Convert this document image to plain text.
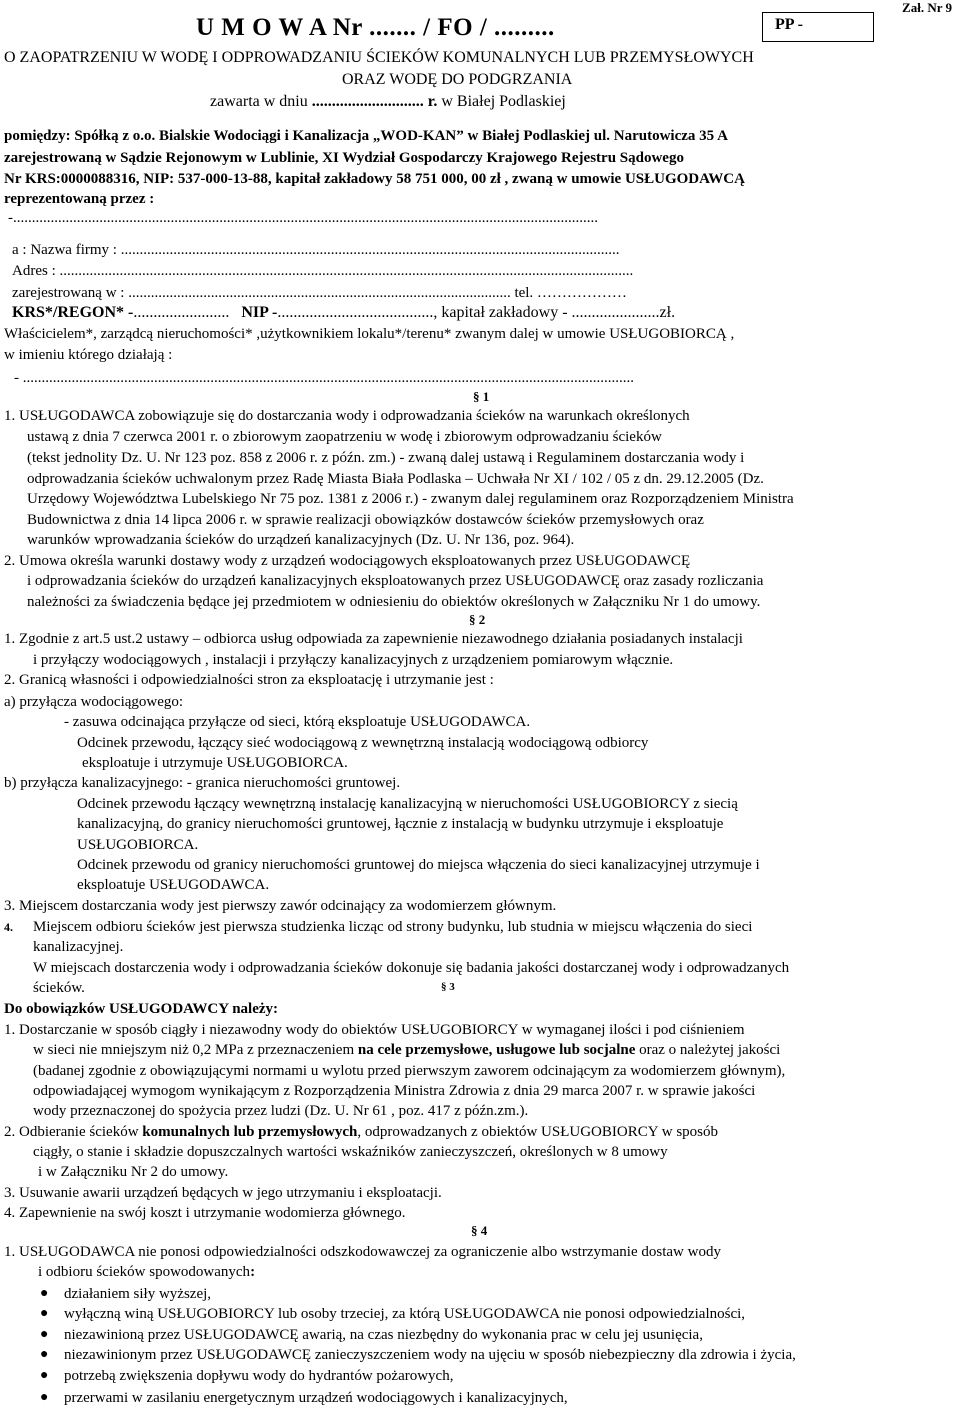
Zał. Nr 9
PP -
U M O W A Nr ....... / FO / .........
O ZAOPATRZENIU W WODĘ I ODPROWADZANIU ŚCIEKÓW KOMUNALNYCH LUB PRZEMYSŁOWYCH
ORAZ WODĘ DO PODGRZANIA
zawarta w dniu ............................ r. w Białej Podlaskiej
pomiędzy: Spółką z o.o. Bialskie Wodociągi i Kanalizacja „WOD-KAN” w Białej Podlaskiej ul. Narutowicza 35 A
zarejestrowaną w Sądzie Rejonowym w Lublinie, XI Wydział Gospodarczy Krajowego Rejestru Sądowego
Nr KRS:0000088316, NIP: 537-000-13-88, kapitał zakładowy 58 751 000, 00 zł , zwaną w umowie USŁUGODAWCĄ
reprezentowaną przez :
-............................................................................................................................................................
a : Nazwa firmy : .....................................................................................................................................
Adres : .........................................................................................................................................................
zarejestrowaną w : ...................................................................................................... tel. ………………
KRS*/REGON* -........................ NIP -......................................., kapitał zakładowy - ......................zł.
Właścicielem*, zarządcą nieruchomości* ,użytkownikiem lokalu*/terenu* zwanym dalej w umowie USŁUGOBIORCĄ ,
w imieniu którego działają :
- ...................................................................................................................................................................
§ 1
1. USŁUGODAWCA zobowiązuje się do dostarczania wody i odprowadzania ścieków na warunkach określonych
ustawą z dnia 7 czerwca 2001 r. o zbiorowym zaopatrzeniu w wodę i zbiorowym odprowadzaniu ścieków
(tekst jednolity Dz. U. Nr 123 poz. 858 z 2006 r. z późn. zm.) - zwaną dalej ustawą i Regulaminem dostarczania wody i
odprowadzania ścieków uchwalonym przez Radę Miasta Biała Podlaska – Uchwała Nr XI / 102 / 05 z dn. 29.12.2005 (Dz.
Urzędowy Województwa Lubelskiego Nr 75 poz. 1381 z 2006 r.) - zwanym dalej regulaminem oraz Rozporządzeniem Ministra
Budownictwa z dnia 14 lipca 2006 r. w sprawie realizacji obowiązków dostawców ścieków przemysłowych oraz
warunków wprowadzania ścieków do urządzeń kanalizacyjnych (Dz. U. Nr 136, poz. 964).
2. Umowa określa warunki dostawy wody z urządzeń wodociągowych eksploatowanych przez USŁUGODAWCĘ
i odprowadzania ścieków do urządzeń kanalizacyjnych eksploatowanych przez USŁUGODAWCĘ oraz zasady rozliczania
należności za świadczenia będące jej przedmiotem w odniesieniu do obiektów określonych w Załączniku Nr 1 do umowy.
§ 2
1. Zgodnie z art.5 ust.2 ustawy – odbiorca usług odpowiada za zapewnienie niezawodnego działania posiadanych instalacji
i przyłączy wodociągowych , instalacji i przyłączy kanalizacyjnych z urządzeniem pomiarowym włącznie.
2. Granicą własności i odpowiedzialności stron za eksploatację i utrzymanie jest :
a) przyłącza wodociągowego:
- zasuwa odcinająca przyłącze od sieci, którą eksploatuje USŁUGODAWCA.
Odcinek przewodu, łączący sieć wodociągową z wewnętrzną instalacją wodociągową odbiorcy
eksploatuje i utrzymuje USŁUGOBIORCA.
b) przyłącza kanalizacyjnego: - granica nieruchomości gruntowej.
Odcinek przewodu łączący wewnętrzną instalację kanalizacyjną w nieruchomości USŁUGOBIORCY z siecią
kanalizacyjną, do granicy nieruchomości gruntowej, łącznie z instalacją w budynku utrzymuje i eksploatuje
USŁUGOBIORCA.
Odcinek przewodu od granicy nieruchomości gruntowej do miejsca włączenia do sieci kanalizacyjnej utrzymuje i
eksploatuje USŁUGODAWCA.
3. Miejscem dostarczania wody jest pierwszy zawór odcinający za wodomierzem głównym.
4. Miejscem odbioru ścieków jest pierwsza studzienka licząc od strony budynku, lub studnia w miejscu włączenia do sieci
kanalizacyjnej.
W miejscach dostarczenia wody i odprowadzania ścieków dokonuje się badania jakości dostarczanej wody i odprowadzanych
ścieków.	§ 3
Do obowiązków USŁUGODAWCY należy:
1. Dostarczanie w sposób ciągły i niezawodny wody do obiektów USŁUGOBIORCY w wymaganej ilości i pod ciśnieniem
w sieci nie mniejszym niż 0,2 MPa z przeznaczeniem na cele przemysłowe, usługowe lub socjalne oraz o należytej jakości
(badanej zgodnie z obowiązującymi normami u wylotu przed pierwszym zaworem odcinającym za wodomierzem głównym),
odpowiadającej wymogom wynikającym z Rozporządzenia Ministra Zdrowia z dnia 29 marca 2007 r. w sprawie jakości
wody przeznaczonej do spożycia przez ludzi (Dz. U. Nr 61 , poz. 417 z późn.zm.).
2. Odbieranie ścieków komunalnych lub przemysłowych, odprowadzanych z obiektów USŁUGOBIORCY w sposób
ciągły, o stanie i składzie dopuszczalnych wartości wskaźników zanieczyszczeń, określonych w 8 umowy
i w Załączniku Nr 2 do umowy.
3. Usuwanie awarii urządzeń będących w jego utrzymaniu i eksploatacji.
4. Zapewnienie na swój koszt i utrzymanie wodomierza głównego.
§ 4
1. USŁUGODAWCA nie ponosi odpowiedzialności odszkodowawczej za ograniczenie albo wstrzymanie dostaw wody
i odbioru ścieków spowodowanych:
● działaniem siły wyższej,
● wyłączną winą USŁUGOBIORCY lub osoby trzeciej, za którą USŁUGODAWCA nie ponosi odpowiedzialności,
● niezawinioną przez USŁUGODAWCĘ awarią, na czas niezbędny do wykonania prac w celu jej usunięcia,
● niezawinionym przez USŁUGODAWCĘ zanieczyszczeniem wody na ujęciu w sposób niebezpieczny dla zdrowia i życia,
● potrzebą zwiększenia dopływu wody do hydrantów pożarowych,
● przerwami w zasilaniu energetycznym urządzeń wodociągowych i kanalizacyjnych,
